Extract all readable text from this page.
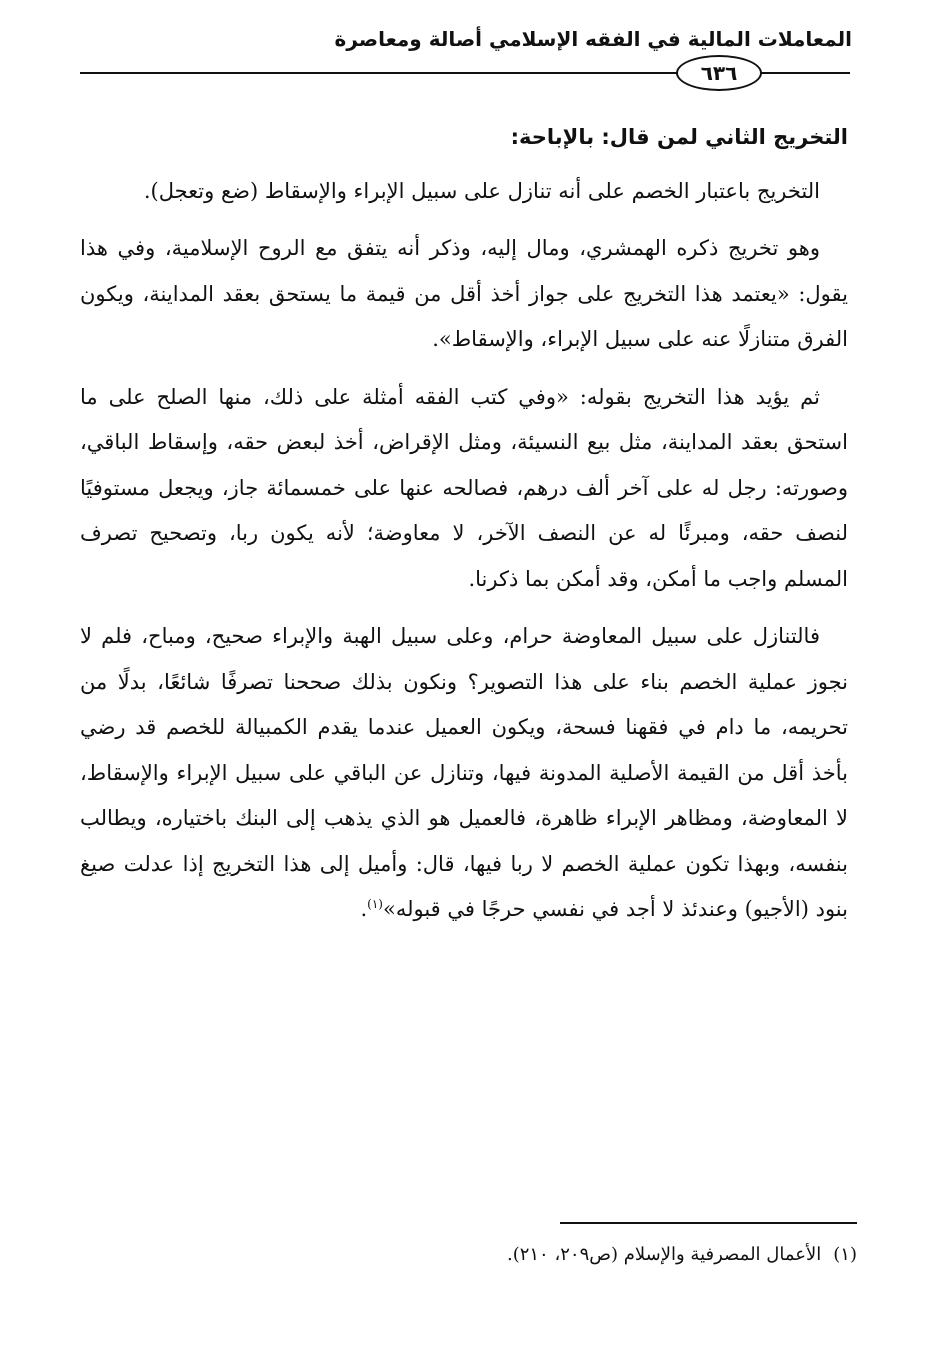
المعاملات المالية في الفقه الإسلامي أصالة ومعاصرة
٦٣٦

التخريج الثاني لمن قال: بالإباحة:

التخريج باعتبار الخصم على أنه تنازل على سبيل الإبراء والإسقاط (ضع وتعجل).

وهو تخريج ذكره الهمشري، ومال إليه، وذكر أنه يتفق مع الروح الإسلامية، وفي هذا يقول: «يعتمد هذا التخريج على جواز أخذ أقل من قيمة ما يستحق بعقد المداينة، ويكون الفرق متنازلًا عنه على سبيل الإبراء، والإسقاط».

ثم يؤيد هذا التخريج بقوله: «وفي كتب الفقه أمثلة على ذلك، منها الصلح على ما استحق بعقد المداينة، مثل بيع النسيئة، ومثل الإقراض، أخذ لبعض حقه، وإسقاط الباقي، وصورته: رجل له على آخر ألف درهم، فصالحه عنها على خمسمائة جاز، ويجعل مستوفيًا لنصف حقه، ومبرئًا له عن النصف الآخر، لا معاوضة؛ لأنه يكون ربا، وتصحيح تصرف المسلم واجب ما أمكن، وقد أمكن بما ذكرنا.

فالتنازل على سبيل المعاوضة حرام، وعلى سبيل الهبة والإبراء صحيح، ومباح، فلم لا نجوز عملية الخصم بناء على هذا التصوير؟ ونكون بذلك صححنا تصرفًا شائعًا، بدلًا من تحريمه، ما دام في فقهنا فسحة، ويكون العميل عندما يقدم الكمبيالة للخصم قد رضي بأخذ أقل من القيمة الأصلية المدونة فيها، وتنازل عن الباقي على سبيل الإبراء والإسقاط، لا المعاوضة، ومظاهر الإبراء ظاهرة، فالعميل هو الذي يذهب إلى البنك باختياره، ويطالب بنفسه، وبهذا تكون عملية الخصم لا ربا فيها، قال: وأميل إلى هذا التخريج إذا عدلت صيغ بنود (الأجيو) وعندئذ لا أجد في نفسي حرجًا في قبوله»$^{(١)}$.

(١)الأعمال المصرفية والإسلام (ص٢٠٩، ٢١٠).
